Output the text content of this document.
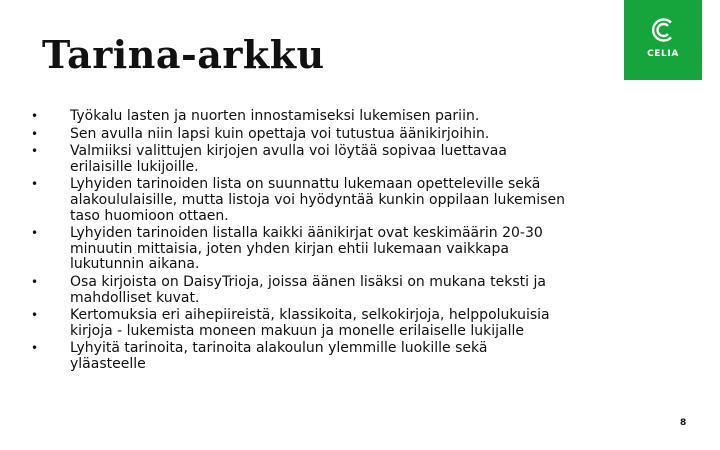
Tarina-arkku	CELIA
• Työkalu lasten ja nuorten innostamiseksi lukemisen pariin.
• Sen avulla niin lapsi kuin opettaja voi tutustua äänikirjoihin.
• Valmiiksi valittujen kirjojen avulla voi löytää sopivaa luettavaa
erilaisille lukijoille.
• Lyhyiden tarinoiden lista on suunnattu lukemaan opetteleville sekä
alakoululaisille, mutta listoja voi hyödyntää kunkin oppilaan lukemisen
taso huomioon ottaen.
• Lyhyiden tarinoiden listalla kaikki äänikirjat ovat keskimäärin 20-30
minuutin mittaisia, joten yhden kirjan ehtii lukemaan vaikkapa
lukutunnin aikana.
• Osa kirjoista on DaisyTrioja, joissa äänen lisäksi on mukana teksti ja
mahdolliset kuvat.
• Kertomuksia eri aihepiireistä, klassikoita, selkokirjoja, helppolukuisia
kirjoja - lukemista moneen makuun ja monelle erilaiselle lukijalle
• Lyhyitä tarinoita, tarinoita alakoulun ylemmille luokille sekä
yläasteelle
8
